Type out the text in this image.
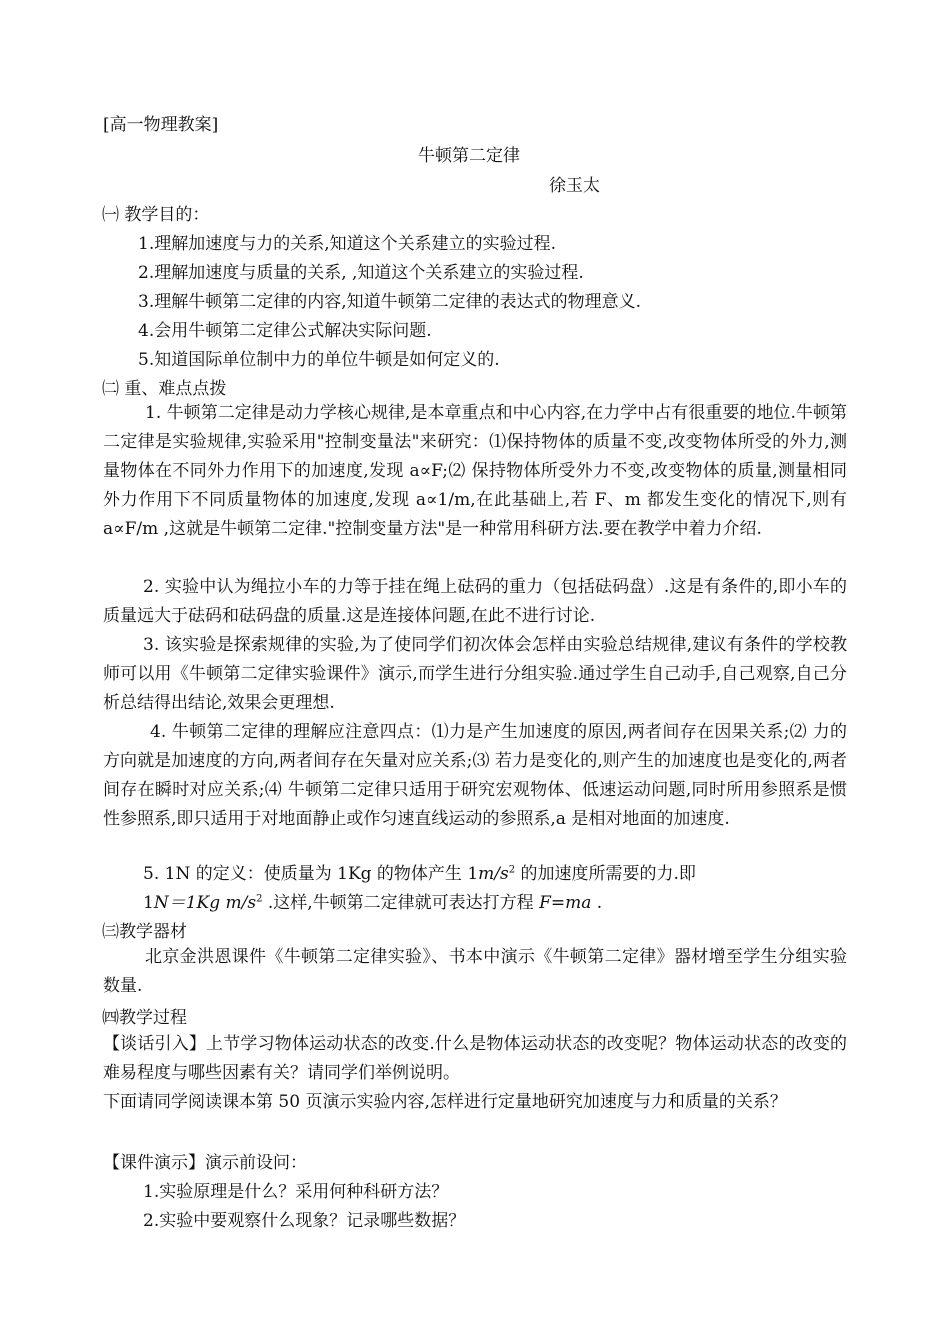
[高一物理教案]
牛顿第二定律
徐玉太
㈠ 教学目的：
1.理解加速度与力的关系,知道这个关系建立的实验过程.
2.理解加速度与质量的关系, ,知道这个关系建立的实验过程.
3.理解牛顿第二定律的内容,知道牛顿第二定律的表达式的物理意义.
4.会用牛顿第二定律公式解决实际问题.
5.知道国际单位制中力的单位牛顿是如何定义的.
㈡ 重、难点点拨
1. 牛顿第二定律是动力学核心规律,是本章重点和中心内容,在力学中占有很重要的地位.牛顿第二定律是实验规律,实验采用"控制变量法"来研究：⑴保持物体的质量不变,改变物体所受的外力,测量物体在不同外力作用下的加速度,发现 a∝F;⑵ 保持物体所受外力不变,改变物体的质量,测量相同外力作用下不同质量物体的加速度,发现 a∝1/m,在此基础上,若 F、m 都发生变化的情况下,则有 a∝F/m ,这就是牛顿第二定律."控制变量方法"是一种常用科研方法.要在教学中着力介绍.
2. 实验中认为绳拉小车的力等于挂在绳上砝码的重力（包括砝码盘）.这是有条件的,即小车的质量远大于砝码和砝码盘的质量.这是连接体问题,在此不进行讨论.
3. 该实验是探索规律的实验,为了使同学们初次体会怎样由实验总结规律,建议有条件的学校教师可以用《牛顿第二定律实验课件》演示,而学生进行分组实验.通过学生自己动手,自己观察,自己分析总结得出结论,效果会更理想.
4. 牛顿第二定律的理解应注意四点：⑴力是产生加速度的原因,两者间存在因果关系;⑵ 力的方向就是加速度的方向,两者间存在矢量对应关系;⑶ 若力是变化的,则产生的加速度也是变化的,两者间存在瞬时对应关系;⑷ 牛顿第二定律只适用于研究宏观物体、低速运动问题,同时所用参照系是惯性参照系,即只适用于对地面静止或作匀速直线运动的参照系,a 是相对地面的加速度.
5. 1N 的定义：使质量为 1Kg 的物体产生 $1m/s^2$ 的加速度所需要的力.即
1N＝1Kg $m/s^2$ .这样,牛顿第二定律就可表达打方程 F=ma .
㈢教学器材
北京金洪恩课件《牛顿第二定律实验》、书本中演示《牛顿第二定律》器材增至学生分组实验数量.
㈣教学过程
【谈话引入】上节学习物体运动状态的改变.什么是物体运动状态的改变呢？物体运动状态的改变的难易程度与哪些因素有关？请同学们举例说明。
下面请同学阅读课本第 50 页演示实验内容,怎样进行定量地研究加速度与力和质量的关系？
【课件演示】演示前设问：
1.实验原理是什么？采用何种科研方法？
2.实验中要观察什么现象？记录哪些数据？
